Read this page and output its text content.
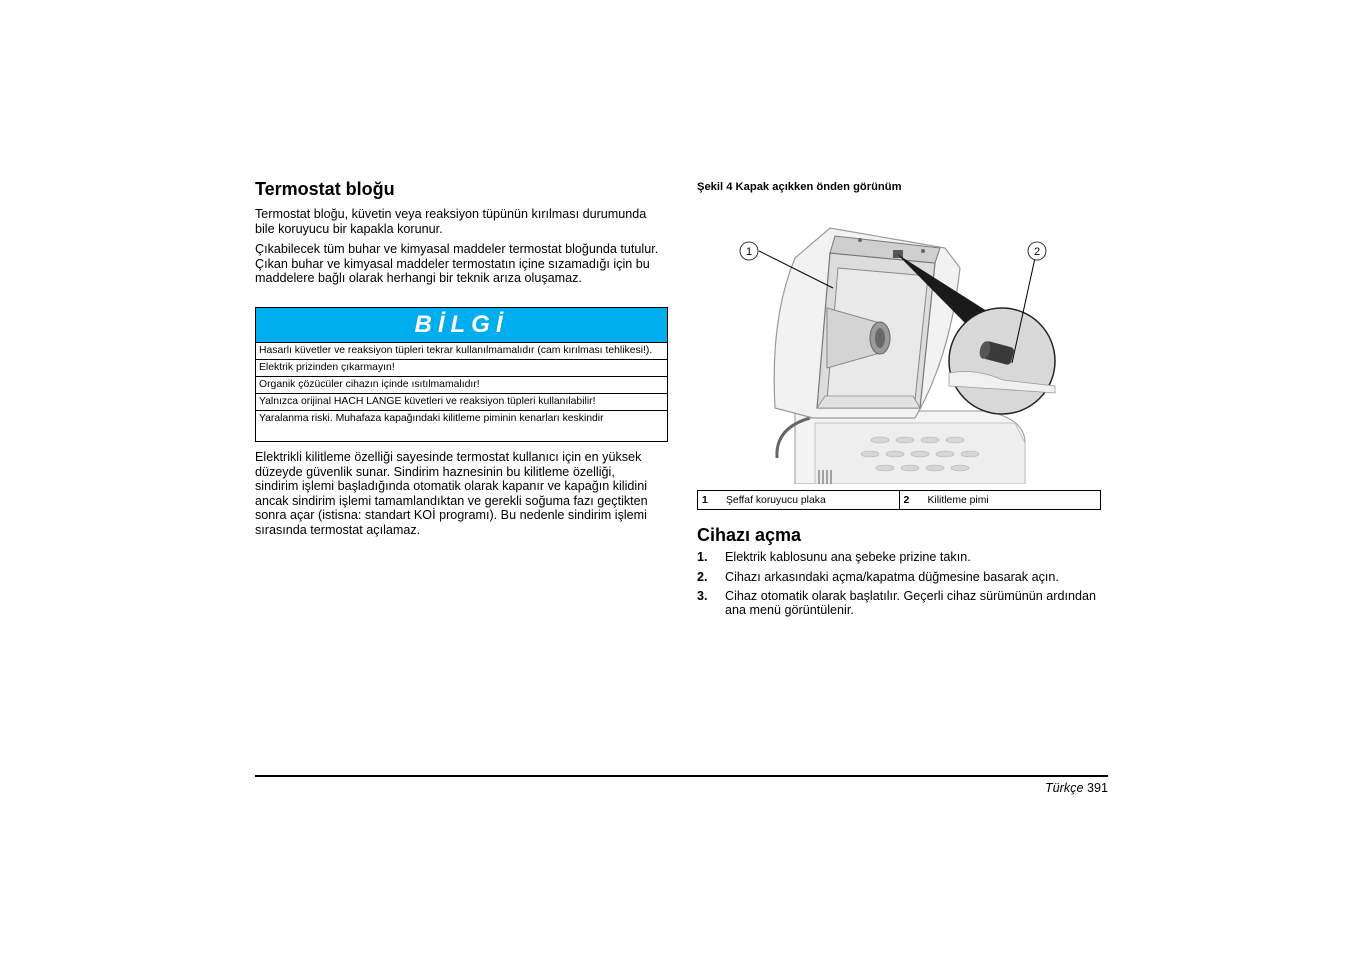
Termostat bloğu

Termostat bloğu, küvetin veya reaksiyon tüpünün kırılması durumunda
bile koruyucu bir kapakla korunur.

Çıkabilecek tüm buhar ve kimyasal maddeler termostat bloğunda tutulur.
Çıkan buhar ve kimyasal maddeler termostatın içine sızamadığı için bu
maddelere bağlı olarak herhangi bir teknik arıza oluşamaz.

BİLGİ
Hasarlı küvetler ve reaksiyon tüpleri tekrar kullanılmamalıdır (cam kırılması tehlikesi!).
Elektrik prizinden çıkarmayın!
Organik çözücüler cihazın içinde ısıtılmamalıdır!
Yalnızca orijinal HACH LANGE küvetleri ve reaksiyon tüpleri kullanılabilir!
Yaralanma riski. Muhafaza kapağındaki kilitleme piminin kenarları keskindir

Elektrikli kilitleme özelliği sayesinde termostat kullanıcı için en yüksek
düzeyde güvenlik sunar. Sindirim haznesinin bu kilitleme özelliği,
sindirim işlemi başladığında otomatik olarak kapanır ve kapağın kilidini
ancak sindirim işlemi tamamlandıktan ve gerekli soğuma fazı geçtikten
sonra açar (istisna: standart KOİ programı). Bu nedenle sindirim işlemi
sırasında termostat açılamaz.

Şekil 4 Kapak açıkken önden görünüm
1	2
1	Şeffaf koruyucu plaka	2	Kilitleme pimi
Cihazı açma
1.	Elektrik kablosunu ana şebeke prizine takın.
2.	Cihazı arkasındaki açma/kapatma düğmesine basarak açın.
3.	Cihaz otomatik olarak başlatılır. Geçerli cihaz sürümünün ardından ana menü görüntülenir.
Türkçe 391
